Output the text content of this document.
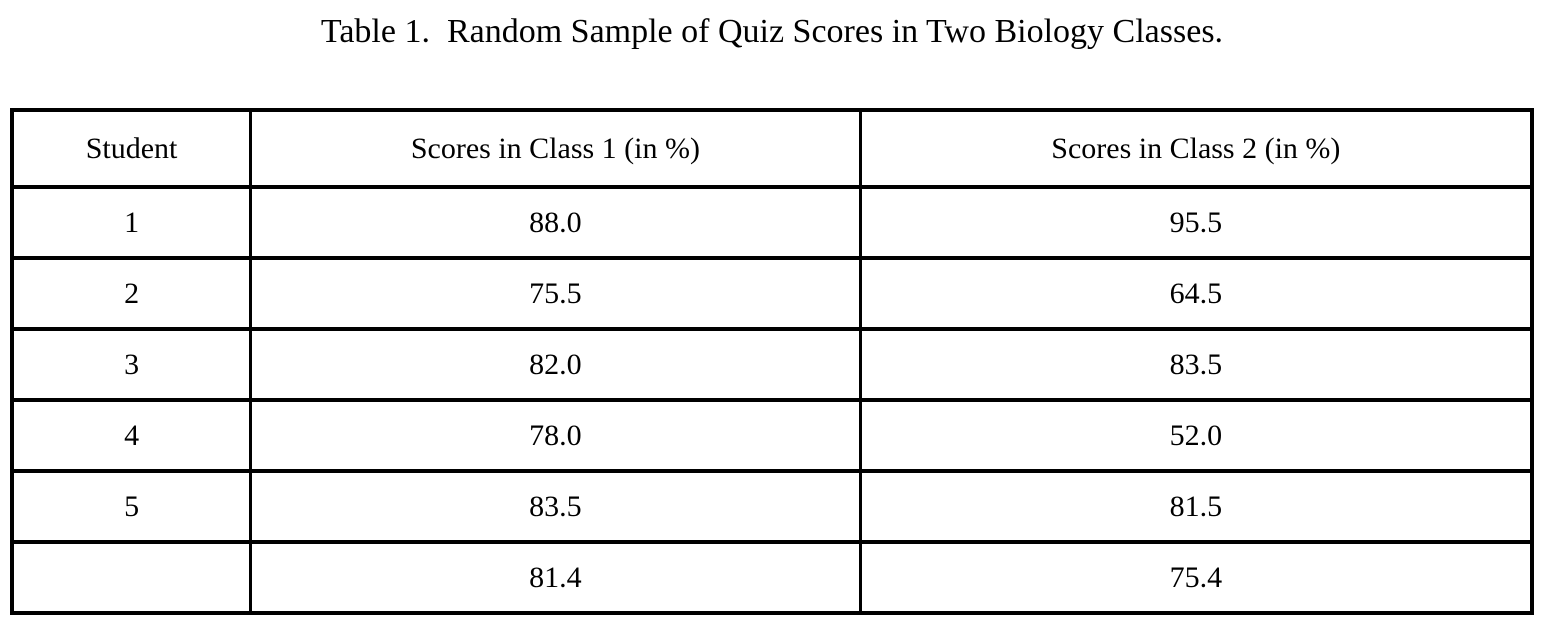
Table 1.  Random Sample of Quiz Scores in Two Biology Classes.
Student	Scores in Class 1 (in %)	Scores in Class 2 (in %)
1	88.0	95.5
2	75.5	64.5
3	82.0	83.5
4	78.0	52.0
5	83.5	81.5
	81.4	75.4
